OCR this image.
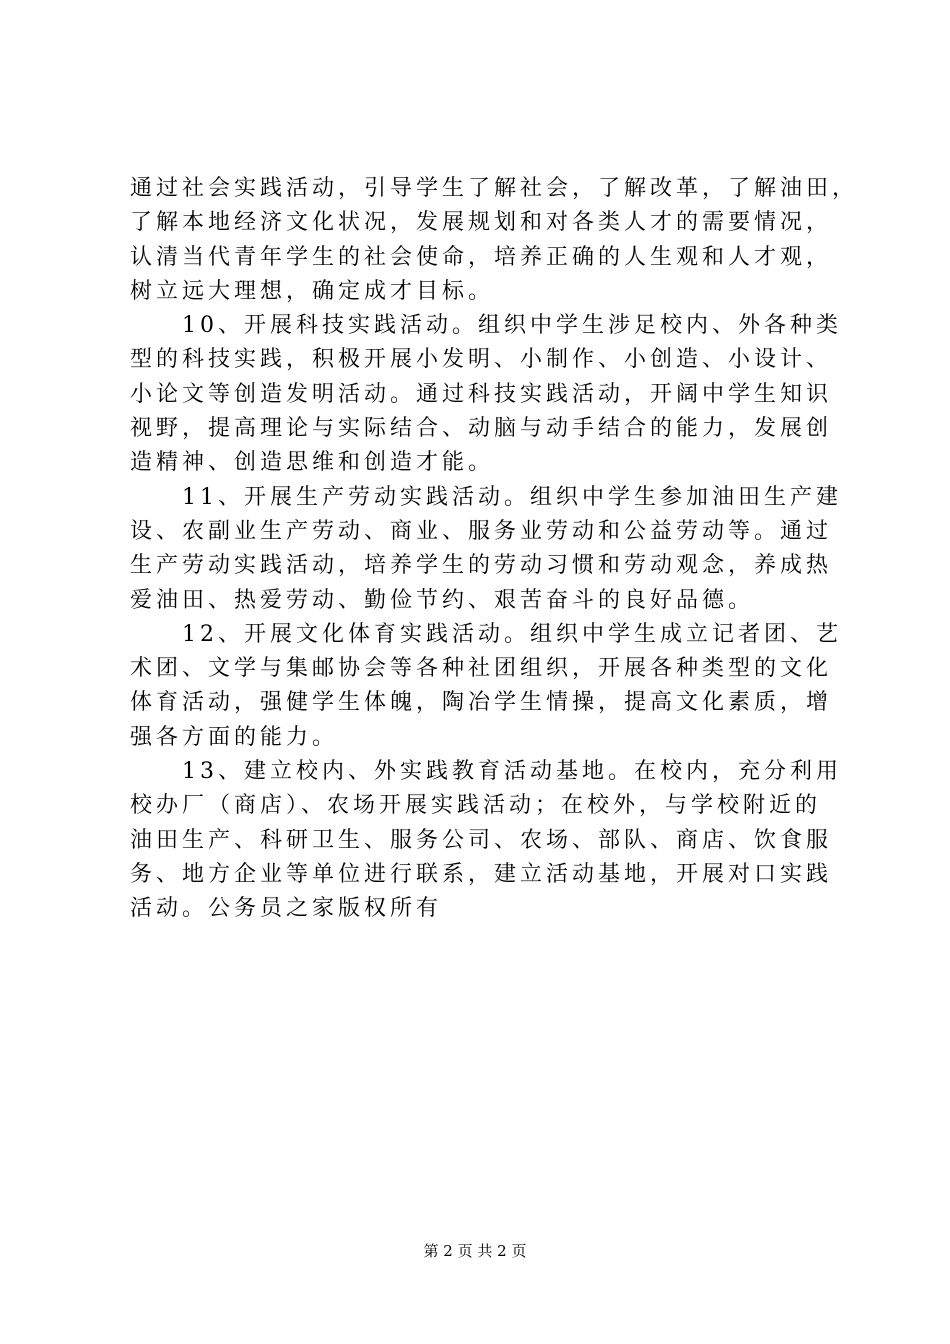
通过社会实践活动，引导学生了解社会，了解改革，了解油田，
了解本地经济文化状况，发展规划和对各类人才的需要情况，
认清当代青年学生的社会使命，培养正确的人生观和人才观，
树立远大理想，确定成才目标。
　　10、开展科技实践活动。组织中学生涉足校内、外各种类
型的科技实践，积极开展小发明、小制作、小创造、小设计、
小论文等创造发明活动。通过科技实践活动，开阔中学生知识
视野，提高理论与实际结合、动脑与动手结合的能力，发展创
造精神、创造思维和创造才能。
　　11、开展生产劳动实践活动。组织中学生参加油田生产建
设、农副业生产劳动、商业、服务业劳动和公益劳动等。通过
生产劳动实践活动，培养学生的劳动习惯和劳动观念，养成热
爱油田、热爱劳动、勤俭节约、艰苦奋斗的良好品德。
　　12、开展文化体育实践活动。组织中学生成立记者团、艺
术团、文学与集邮协会等各种社团组织，开展各种类型的文化
体育活动，强健学生体魄，陶冶学生情操，提高文化素质，增
强各方面的能力。
　　13、建立校内、外实践教育活动基地。在校内，充分利用
校办厂（商店）、农场开展实践活动；在校外，与学校附近的
油田生产、科研卫生、服务公司、农场、部队、商店、饮食服
务、地方企业等单位进行联系，建立活动基地，开展对口实践
活动。公务员之家版权所有
第 2 页 共 2 页
